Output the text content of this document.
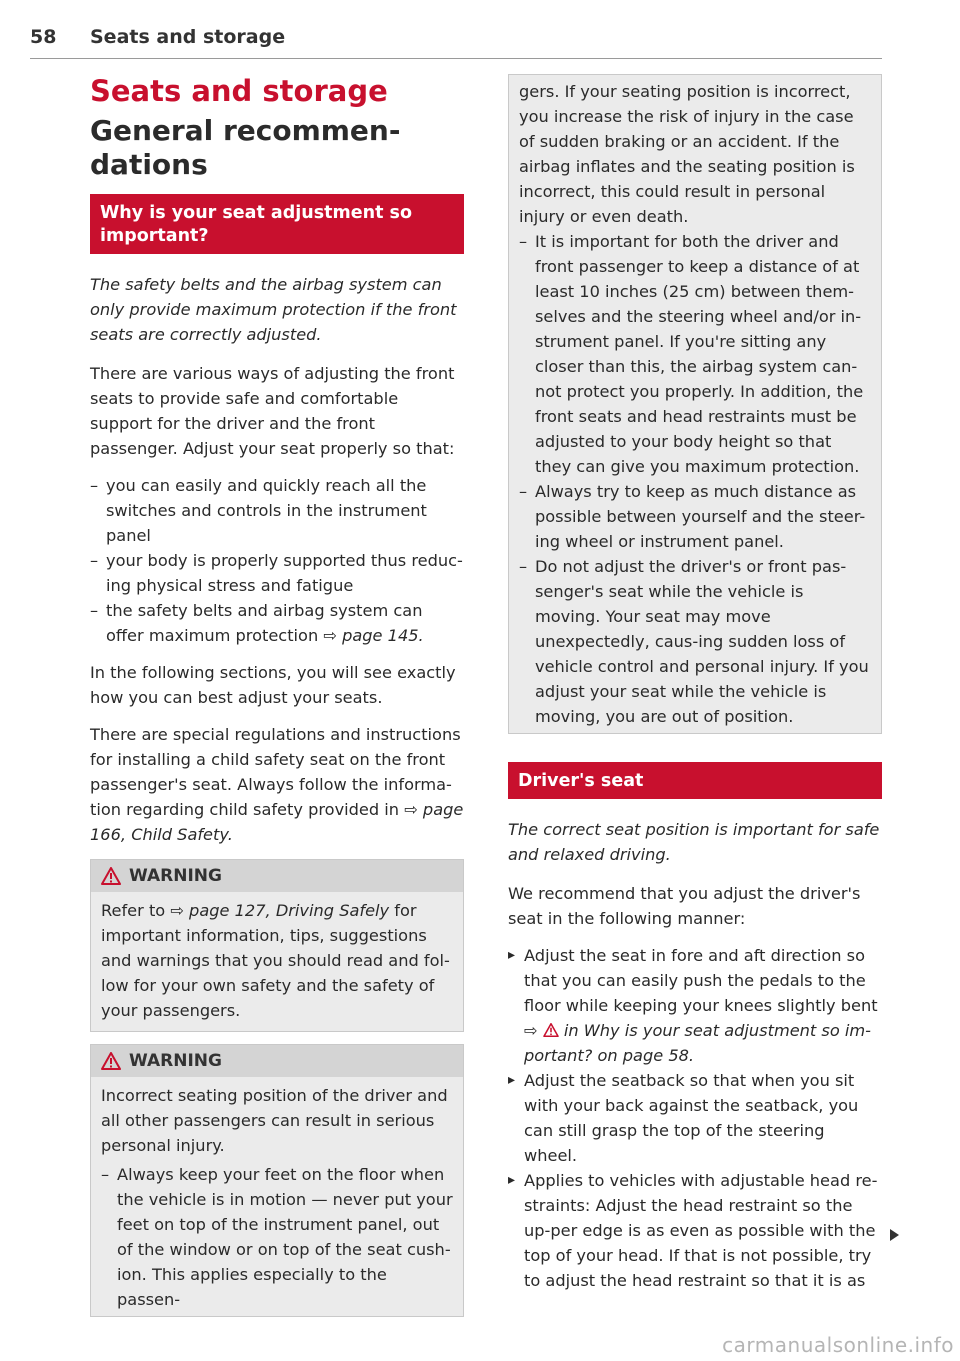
58 Seats and storage
Seats and storage
General recommen-
dations
Why is your seat adjustment so important?

The safety belts and the airbag system can only provide maximum protection if the front seats are correctly adjusted.

There are various ways of adjusting the front seats to provide safe and comfortable support for the driver and the front passenger. Adjust your seat properly so that:

– you can easily and quickly reach all the switches and controls in the instrument panel
– your body is properly supported thus reduc-ing physical stress and fatigue
– the safety belts and airbag system can offer maximum protection ⇨ page 145.

In the following sections, you will see exactly how you can best adjust your seats.

There are special regulations and instructions for installing a child safety seat on the front passenger's seat. Always follow the informa-tion regarding child safety provided in ⇨ page 166, Child Safety.

WARNING

Refer to ⇨ page 127, Driving Safely for important information, tips, suggestions and warnings that you should read and fol-low for your own safety and the safety of your passengers.

WARNING

Incorrect seating position of the driver and all other passengers can result in serious personal injury.

– Always keep your feet on the floor when the vehicle is in motion — never put your feet on top of the instrument panel, out of the window or on top of the seat cush-ion. This applies especially to the passen-

gers. If your seating position is incorrect, you increase the risk of injury in the case of sudden braking or an accident. If the airbag inflates and the seating position is incorrect, this could result in personal injury or even death.

– It is important for both the driver and front passenger to keep a distance of at least 10 inches (25 cm) between them-selves and the steering wheel and/or in-strument panel. If you're sitting any closer than this, the airbag system can-not protect you properly. In addition, the front seats and head restraints must be adjusted to your body height so that they can give you maximum protection.
– Always try to keep as much distance as possible between yourself and the steer-ing wheel or instrument panel.
– Do not adjust the driver's or front pas-senger's seat while the vehicle is moving. Your seat may move unexpectedly, caus-ing sudden loss of vehicle control and personal injury. If you adjust your seat while the vehicle is moving, you are out of position.
Driver's seat

The correct seat position is important for safe and relaxed driving.

We recommend that you adjust the driver's seat in the following manner:

▸ Adjust the seat in fore and aft direction so that you can easily push the pedals to the floor while keeping your knees slightly bent ⇨ in Why is your seat adjustment so im-portant? on page 58.
▸ Adjust the seatback so that when you sit with your back against the seatback, you can still grasp the top of the steering wheel.
▸ Applies to vehicles with adjustable head re-straints: Adjust the head restraint so the up-per edge is as even as possible with the top of your head. If that is not possible, try to adjust the head restraint so that it is as
carmanualsonline.info
